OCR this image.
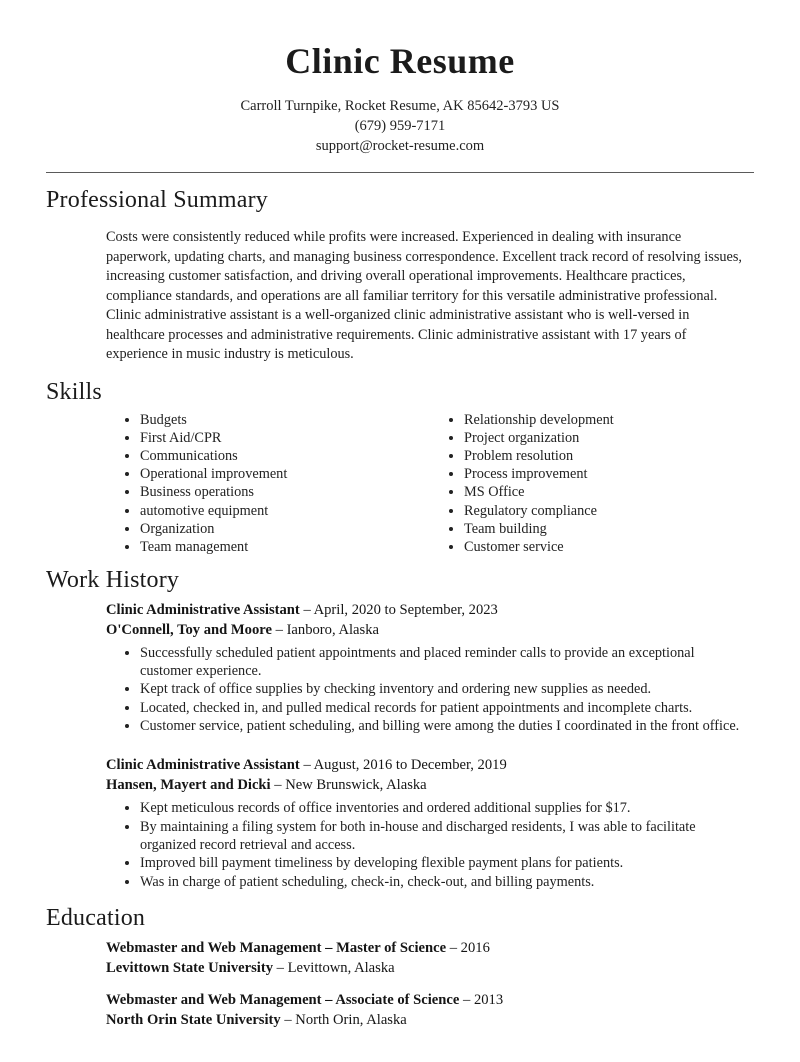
Clinic Resume
Carroll Turnpike, Rocket Resume, AK 85642-3793 US
(679) 959-7171
support@rocket-resume.com
Professional Summary

Costs were consistently reduced while profits were increased. Experienced in dealing with insurance paperwork, updating charts, and managing business correspondence. Excellent track record of resolving issues, increasing customer satisfaction, and driving overall operational improvements. Healthcare practices, compliance standards, and operations are all familiar territory for this versatile administrative professional. Clinic administrative assistant is a well-organized clinic administrative assistant who is well-versed in healthcare processes and administrative requirements. Clinic administrative assistant with 17 years of experience in music industry is meticulous.

Skills
• Budgets
• First Aid/CPR
• Communications
• Operational improvement
• Business operations
• automotive equipment
• Organization
• Team management
• Relationship development
• Project organization
• Problem resolution
• Process improvement
• MS Office
• Regulatory compliance
• Team building
• Customer service
Work History
Clinic Administrative Assistant – April, 2020 to September, 2023
O'Connell, Toy and Moore – Ianboro, Alaska
• Successfully scheduled patient appointments and placed reminder calls to provide an exceptional customer experience.
• Kept track of office supplies by checking inventory and ordering new supplies as needed.
• Located, checked in, and pulled medical records for patient appointments and incomplete charts.
• Customer service, patient scheduling, and billing were among the duties I coordinated in the front office.
Clinic Administrative Assistant – August, 2016 to December, 2019
Hansen, Mayert and Dicki – New Brunswick, Alaska
• Kept meticulous records of office inventories and ordered additional supplies for $17.
• By maintaining a filing system for both in-house and discharged residents, I was able to facilitate organized record retrieval and access.
• Improved bill payment timeliness by developing flexible payment plans for patients.
• Was in charge of patient scheduling, check-in, check-out, and billing payments.
Education
Webmaster and Web Management – Master of Science – 2016
Levittown State University – Levittown, Alaska
Webmaster and Web Management – Associate of Science – 2013
North Orin State University – North Orin, Alaska
